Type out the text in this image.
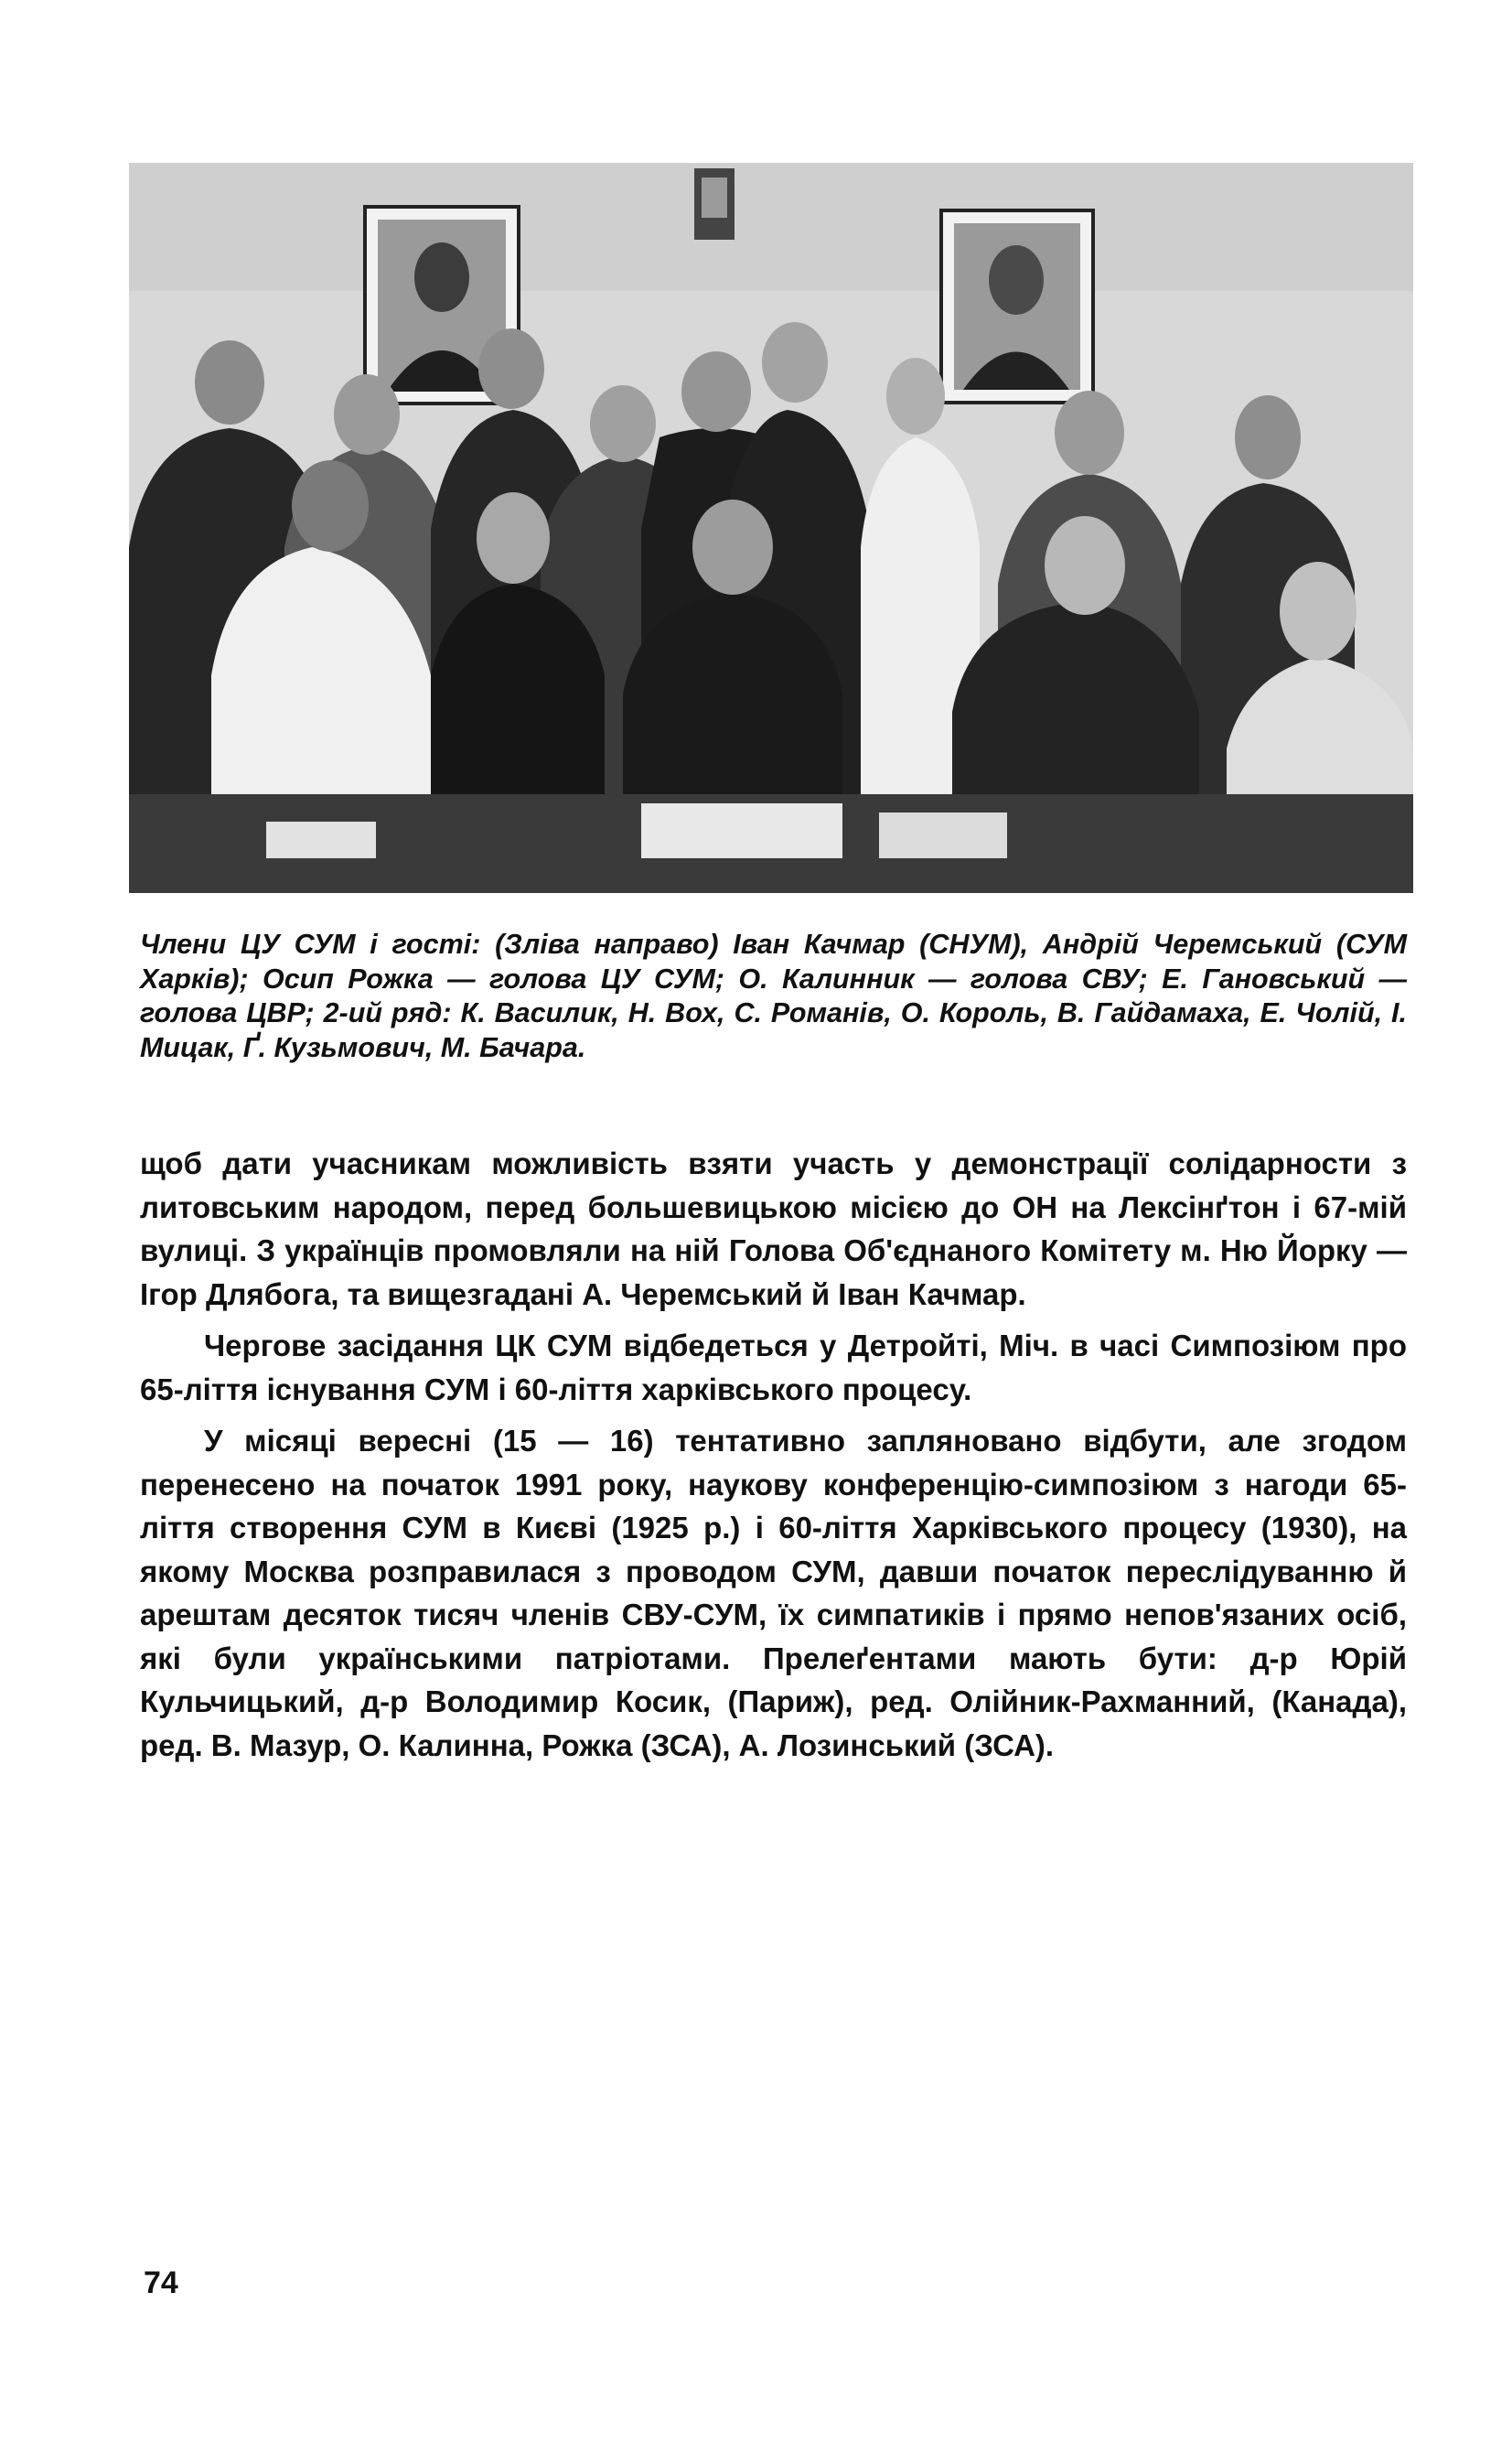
Члени ЦУ СУМ і гості: (Зліва направо) Іван Качмар (СНУМ), Андрій Черемський (СУМ Харків); Осип Рожка — голова ЦУ СУМ; О. Калинник — голова СВУ; Е. Гановський — голова ЦВР; 2-ий ряд: К. Василик, Н. Вох, С. Романів, О. Король, В. Гайдамаха, Е. Чолій, І. Мицак, Ґ. Кузьмович, М. Бачара.

щоб дати учасникам можливість взяти участь у демонстрації солідарности з литовським народом, перед большевицькою місією до ОН на Лексінґтон і 67-мій вулиці. З українців промовляли на ній Голова Об'єднаного Комітету м. Ню Йорку — Ігор Длябога, та вищезгадані А. Черемський й Іван Качмар.

Чергове засідання ЦК СУМ відбедеться у Детройті, Міч. в часі Симпозіюм про 65-ліття існування СУМ і 60-ліття харківського процесу.

У місяці вересні (15 — 16) тентативно запляновано відбути, але згодом перенесено на початок 1991 року, наукову конференцію-симпозіюм з нагоди 65-ліття створення СУМ в Києві (1925 р.) і 60-ліття Харківського процесу (1930), на якому Москва розправилася з проводом СУМ, давши початок переслідуванню й арештам десяток тисяч членів СВУ-СУМ, їх симпатиків і прямо непов'язаних осіб, які були українськими патріотами. Прелеґентами мають бути: д-р Юрій Кульчицький, д-р Володимир Косик, (Париж), ред. Олійник-Рахманний, (Канада), ред. В. Мазур, О. Калинна, Рожка (ЗСА), А. Лозинський (ЗСА).

74
